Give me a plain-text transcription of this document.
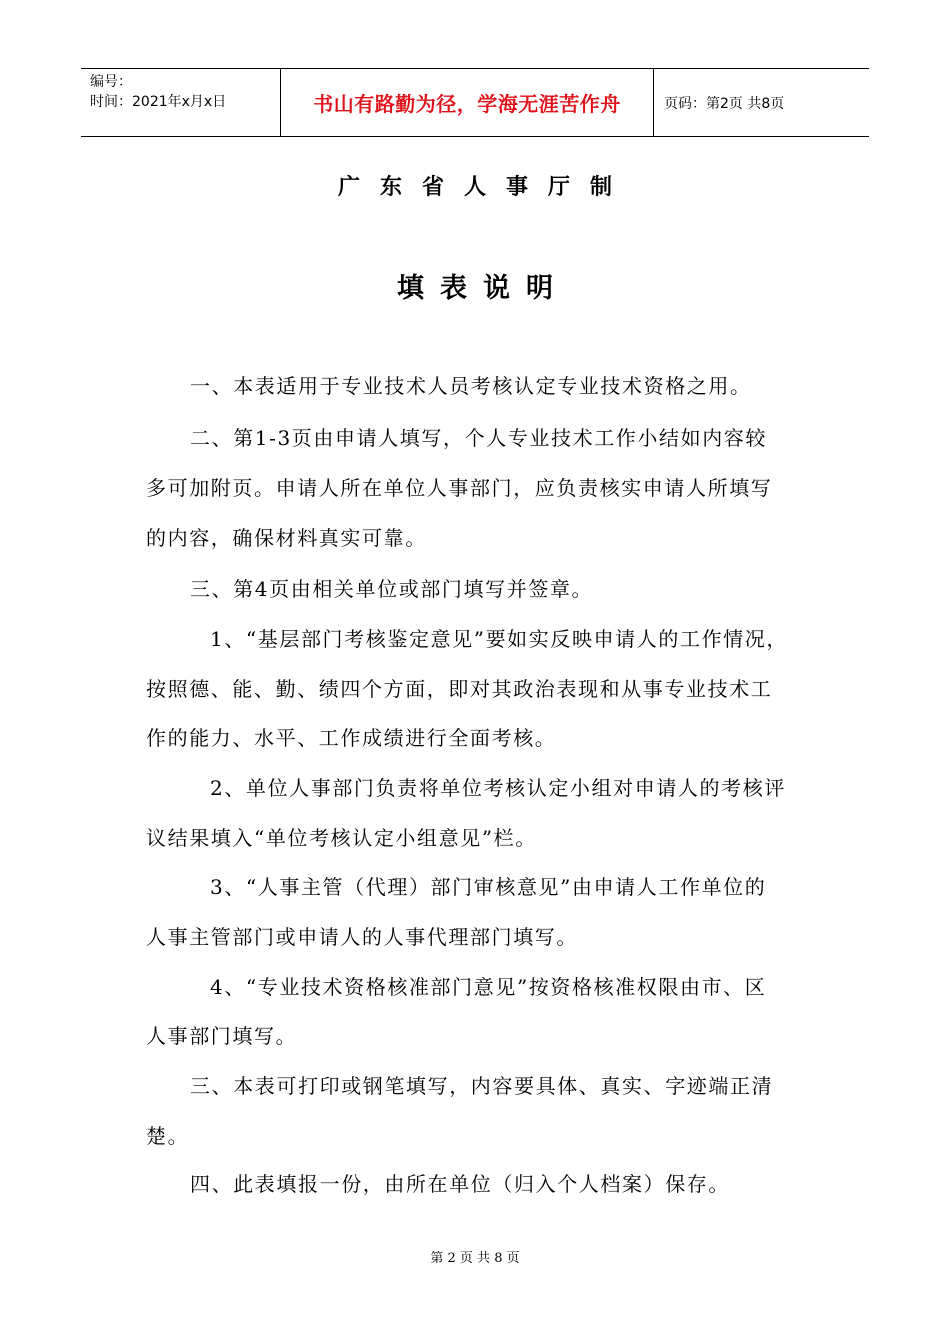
编号：
时间：2021年x月x日	书山有路勤为径，学海无涯苦作舟	页码：第2页 共8页
广东省人事厅制
填表说明
一、本表适用于专业技术人员考核认定专业技术资格之用。
二、第1-3页由申请人填写，个人专业技术工作小结如内容较
多可加附页。申请人所在单位人事部门，应负责核实申请人所填写
的内容，确保材料真实可靠。
三、第4页由相关单位或部门填写并签章。
1、“基层部门考核鉴定意见”要如实反映申请人的工作情况，
按照德、能、勤、绩四个方面，即对其政治表现和从事专业技术工
作的能力、水平、工作成绩进行全面考核。
2、单位人事部门负责将单位考核认定小组对申请人的考核评
议结果填入“单位考核认定小组意见”栏。
3、“人事主管（代理）部门审核意见”由申请人工作单位的
人事主管部门或申请人的人事代理部门填写。
4、“专业技术资格核准部门意见”按资格核准权限由市、区
人事部门填写。
三、本表可打印或钢笔填写，内容要具体、真实、字迹端正清
楚。
四、此表填报一份，由所在单位（归入个人档案）保存。
第 2 页 共 8 页
